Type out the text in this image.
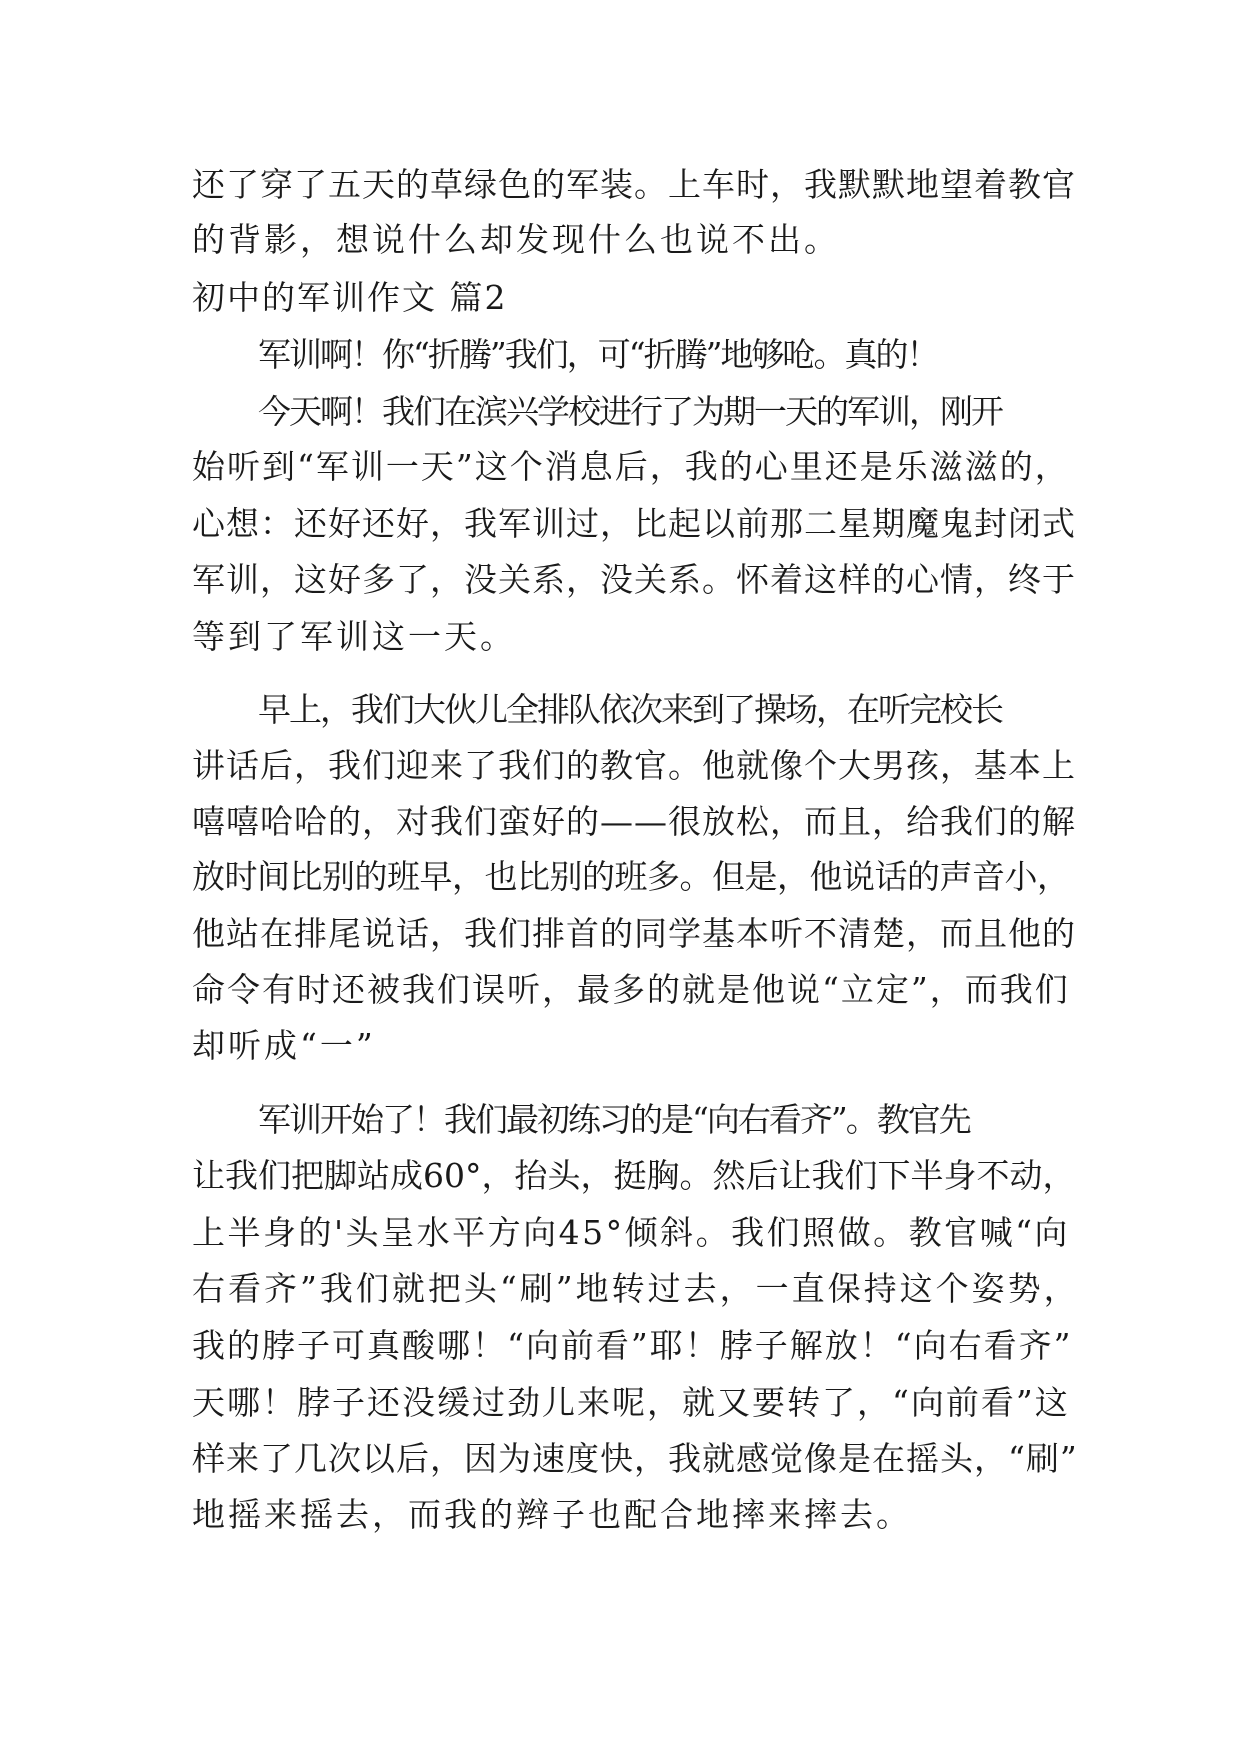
还了穿了五天的草绿色的军装。上车时，我默默地望着教官
的背影，想说什么却发现什么也说不出。
初中的军训作文 篇2
军训啊！你“折腾”我们，可“折腾”地够呛。真的！
今天啊！我们在滨兴学校进行了为期一天的军训，刚开
始听到“军训一天”这个消息后，我的心里还是乐滋滋的，
心想：还好还好，我军训过，比起以前那二星期魔鬼封闭式
军训，这好多了，没关系，没关系。怀着这样的心情，终于
等到了军训这一天。
早上，我们大伙儿全排队依次来到了操场，在听完校长
讲话后，我们迎来了我们的教官。他就像个大男孩，基本上
嘻嘻哈哈的，对我们蛮好的——很放松，而且，给我们的解
放时间比别的班早，也比别的班多。但是，他说话的声音小，
他站在排尾说话，我们排首的同学基本听不清楚，而且他的
命令有时还被我们误听，最多的就是他说“立定”，而我们
却听成“一”
军训开始了！我们最初练习的是“向右看齐”。教官先
让我们把脚站成60°，抬头，挺胸。然后让我们下半身不动，
上半身的'头呈水平方向45°倾斜。我们照做。教官喊“向
右看齐”我们就把头“刷”地转过去，一直保持这个姿势，
我的脖子可真酸哪！“向前看”耶！脖子解放！“向右看齐”
天哪！脖子还没缓过劲儿来呢，就又要转了，“向前看”这
样来了几次以后，因为速度快，我就感觉像是在摇头，“刷”
地摇来摇去，而我的辫子也配合地摔来摔去。
